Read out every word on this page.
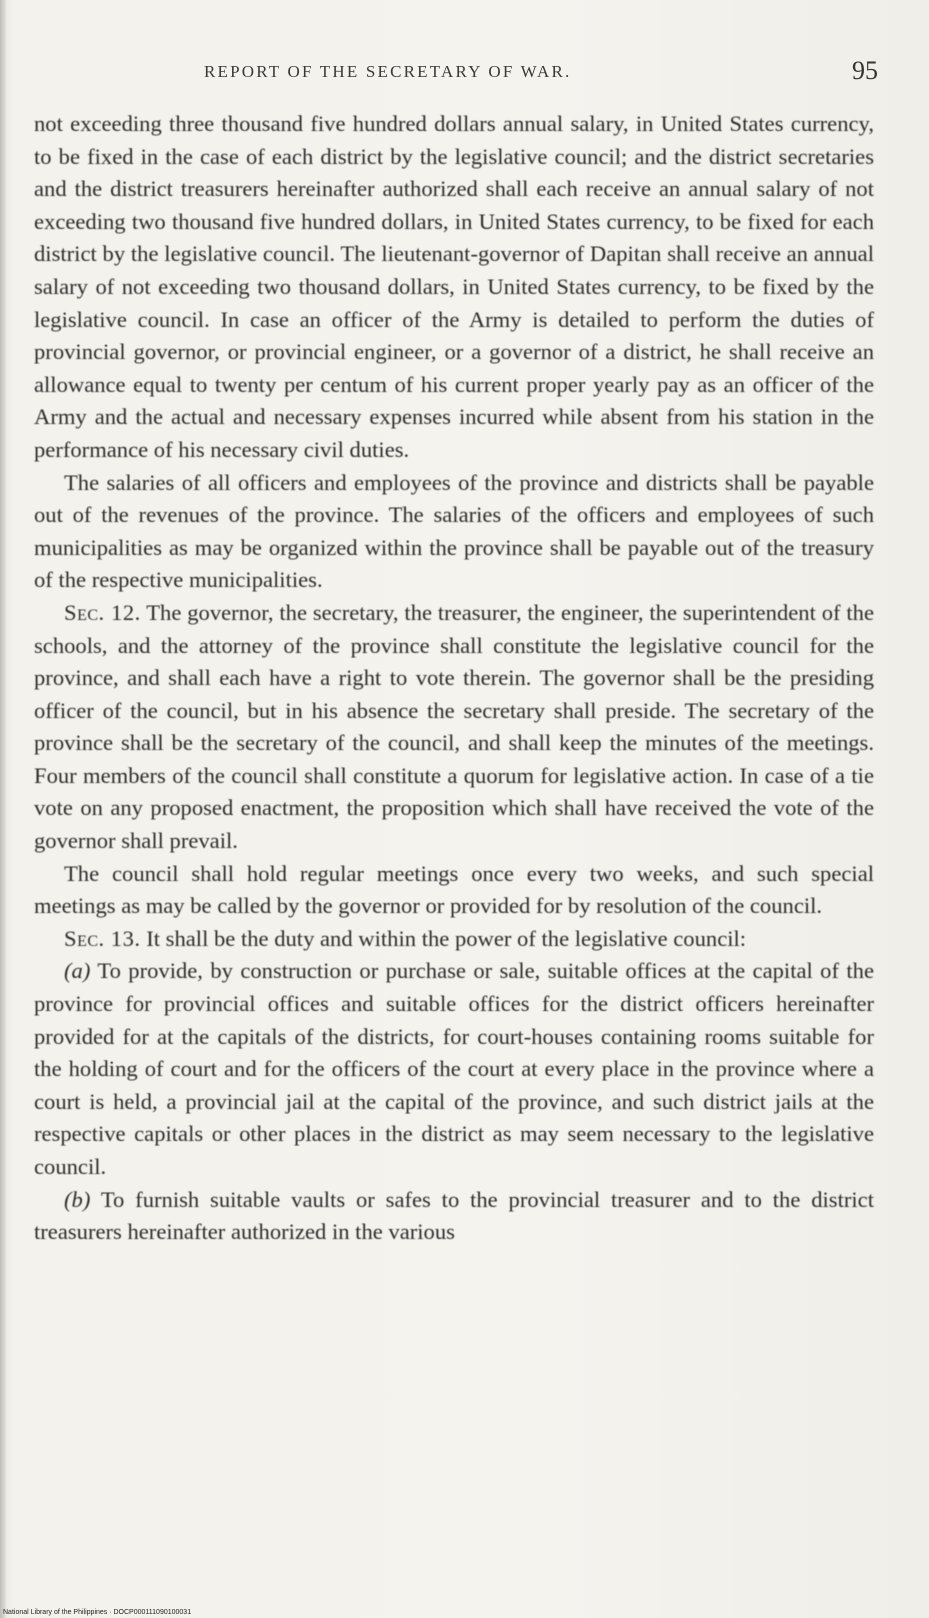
REPORT OF THE SECRETARY OF WAR.	95

not exceeding three thousand five hundred dollars annual salary, in United States currency, to be fixed in the case of each district by the legislative council; and the district secretaries and the district treasurers hereinafter authorized shall each receive an annual salary of not exceeding two thousand five hundred dollars, in United States currency, to be fixed for each district by the legislative council. The lieutenant-governor of Dapitan shall receive an annual salary of not exceeding two thousand dollars, in United States currency, to be fixed by the legislative council. In case an officer of the Army is detailed to perform the duties of provincial governor, or provincial engineer, or a governor of a district, he shall receive an allowance equal to twenty per centum of his current proper yearly pay as an officer of the Army and the actual and necessary expenses incurred while absent from his station in the performance of his necessary civil duties.

The salaries of all officers and employees of the province and districts shall be payable out of the revenues of the province. The salaries of the officers and employees of such municipalities as may be organized within the province shall be payable out of the treasury of the respective municipalities.

Sec. 12. The governor, the secretary, the treasurer, the engineer, the superintendent of the schools, and the attorney of the province shall constitute the legislative council for the province, and shall each have a right to vote therein. The governor shall be the presiding officer of the council, but in his absence the secretary shall preside. The secretary of the province shall be the secretary of the council, and shall keep the minutes of the meetings. Four members of the council shall constitute a quorum for legislative action. In case of a tie vote on any proposed enactment, the proposition which shall have received the vote of the governor shall prevail.

The council shall hold regular meetings once every two weeks, and such special meetings as may be called by the governor or provided for by resolution of the council.

Sec. 13. It shall be the duty and within the power of the legislative council:

(a) To provide, by construction or purchase or sale, suitable offices at the capital of the province for provincial offices and suitable offices for the district officers hereinafter provided for at the capitals of the districts, for court-houses containing rooms suitable for the holding of court and for the officers of the court at every place in the province where a court is held, a provincial jail at the capital of the province, and such district jails at the respective capitals or other places in the district as may seem necessary to the legislative council.

(b) To furnish suitable vaults or safes to the provincial treasurer and to the district treasurers hereinafter authorized in the various

National Library of the Philippines · DOCP000111090100031
